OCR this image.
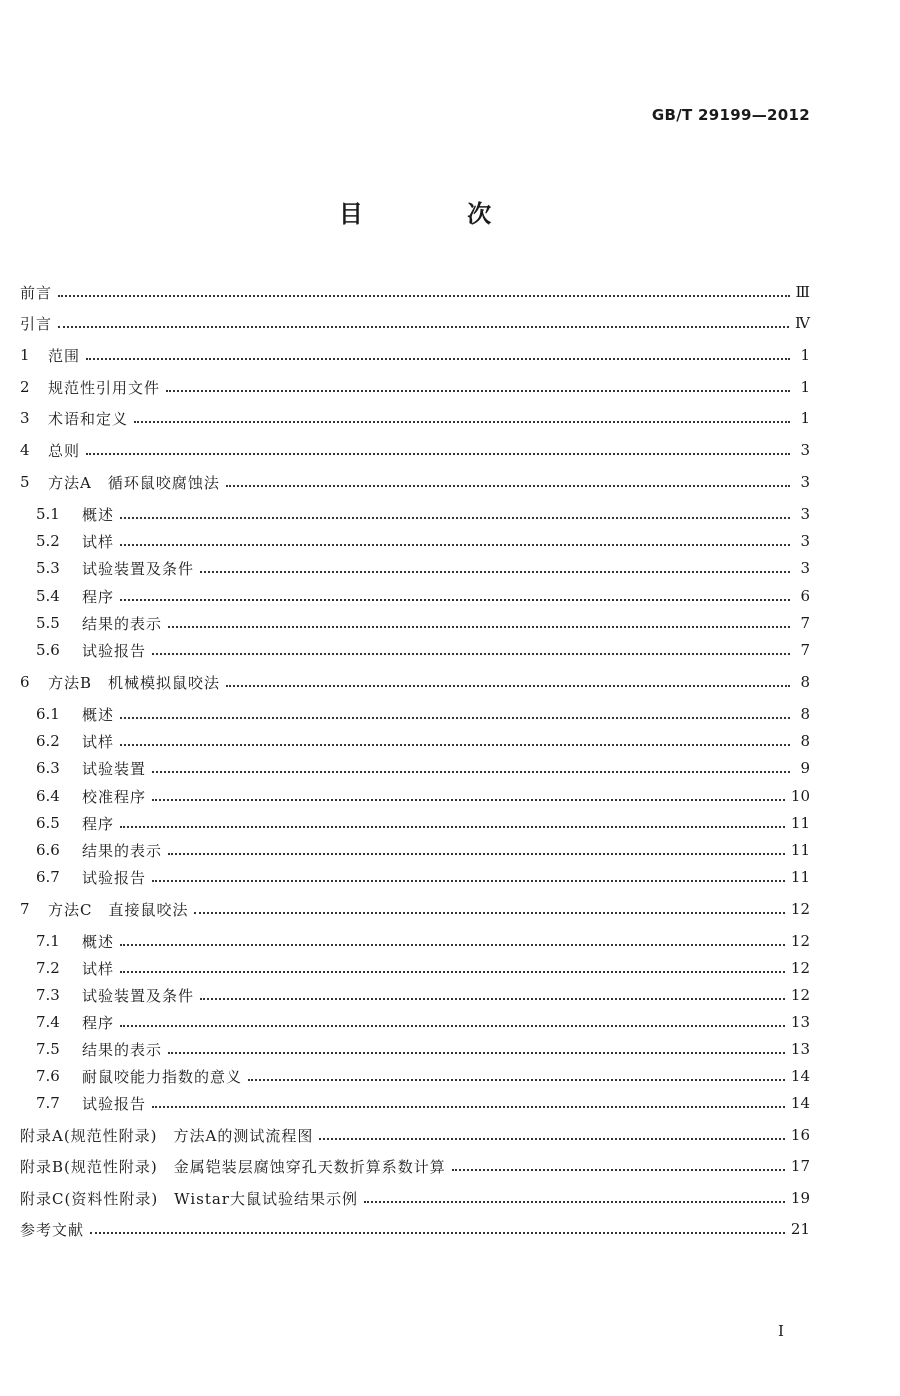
GB/T 29199—2012
目 次
前言	Ⅲ
引言	Ⅳ
1	范围	1
2	规范性引用文件	1
3	术语和定义	1
4	总则	3
5	方法A　循环鼠咬腐蚀法	3
5.1	概述	3
5.2	试样	3
5.3	试验装置及条件	3
5.4	程序	6
5.5	结果的表示	7
5.6	试验报告	7
6	方法B　机械模拟鼠咬法	8
6.1	概述	8
6.2	试样	8
6.3	试验装置	9
6.4	校准程序	10
6.5	程序	11
6.6	结果的表示	11
6.7	试验报告	11
7	方法C　直接鼠咬法	12
7.1	概述	12
7.2	试样	12
7.3	试验装置及条件	12
7.4	程序	13
7.5	结果的表示	13
7.6	耐鼠咬能力指数的意义	14
7.7	试验报告	14
附录A(规范性附录)　方法A的测试流程图	16
附录B(规范性附录)　金属铠装层腐蚀穿孔天数折算系数计算	17
附录C(资料性附录)　Wistar大鼠试验结果示例	19
参考文献	21
Ⅰ
